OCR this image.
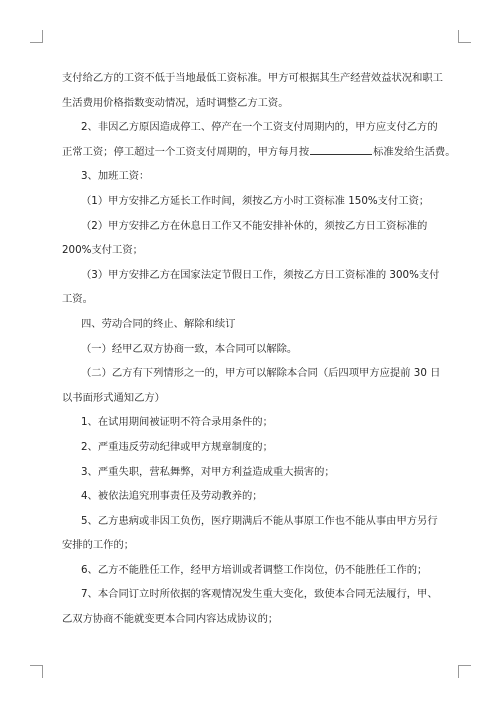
支付给乙方的工资不低于当地最低工资标准。甲方可根据其生产经营效益状况和职工
生活费用价格指数变动情况，适时调整乙方工资。
2、非因乙方原因造成停工、停产在一个工资支付周期内的，甲方应支付乙方的
正常工资；停工超过一个工资支付周期的，甲方每月按	标准发给生活费。
3、加班工资：
（1）甲方安排乙方延长工作时间，须按乙方小时工资标准 150%支付工资；
（2）甲方安排乙方在休息日工作又不能安排补休的，须按乙方日工资标准的
200%支付工资；
（3）甲方安排乙方在国家法定节假日工作，须按乙方日工资标准的 300%支付
工资。
四、劳动合同的终止、解除和续订
（一）经甲乙双方协商一致，本合同可以解除。
（二）乙方有下列情形之一的，甲方可以解除本合同（后四项甲方应提前 30 日
以书面形式通知乙方）
1、在试用期间被证明不符合录用条件的；
2、严重违反劳动纪律或甲方规章制度的；
3、严重失职，营私舞弊，对甲方利益造成重大损害的；
4、被依法追究刑事责任及劳动教养的；
5、乙方患病或非因工负伤，医疗期满后不能从事原工作也不能从事由甲方另行
安排的工作的；
6、乙方不能胜任工作，经甲方培训或者调整工作岗位，仍不能胜任工作的；
7、本合同订立时所依据的客观情况发生重大变化，致使本合同无法履行，甲、
乙双方协商不能就变更本合同内容达成协议的；
